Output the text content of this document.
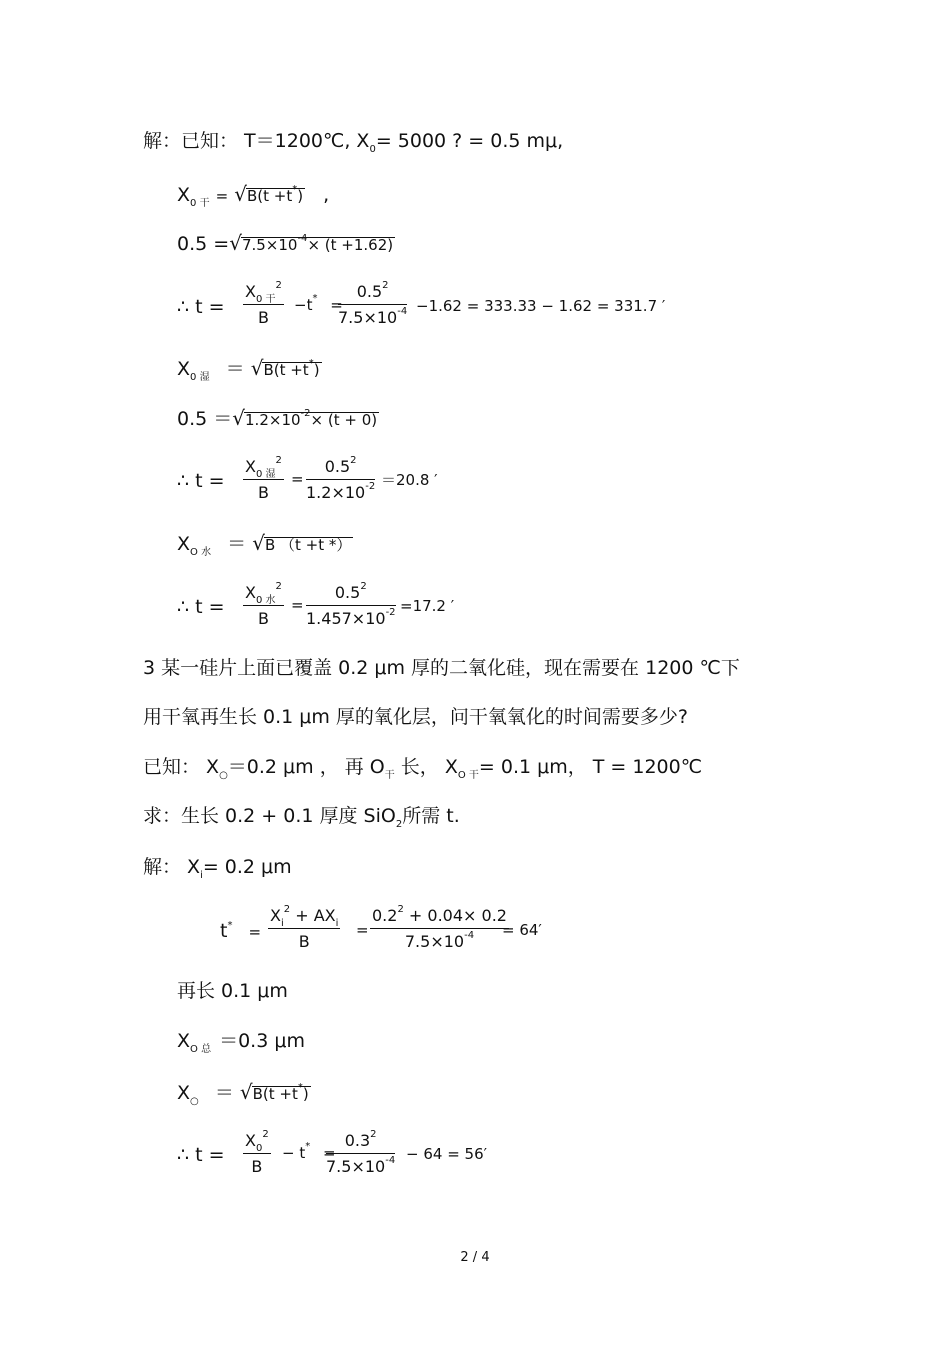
解：已知： T＝1200℃, $X_0= 5000$ ? = 0.5 mμ,
$X_{0 干} = √B(t +t^*)$ ,
$0.5 =√7.5\times 10^{-4}\times (t +1.62)$
∴ t =
$X_{0 干}^2$
B
−t* =
$\frac{0.5^2}{7.5\times 10^{-4}} -1.62 = 333.33 - 1.62 = 331.7$ ′
$X_{0 湿} = √B(t +t^*)$
$0.5 =√1.2\times 10^{-2}\times (t + 0)$
∴ t =
$X_{0 湿}^2$
B
= $\frac{0.5^2}{1.2\times 10^{-2}} =20.8$ ′
$X_{O 水} = √B$ （t +t *）
∴ t =
$X_{0 水}^2$
B
= $\frac{0.5^2}{1.457\times 10^{-2}} =17.2$ ′
3 某一硅片上面已覆盖 0.2 μm 厚的二氧化硅，现在需要在 1200 ℃下
用干氧再生长 0.1 μm 厚的氧化层，问干氧氧化的时间需要多少?
已知： $X_○=0.2$ μm ， 再 $O_干$ 长， $X_{O 干}= 0.1$ μm， T = 1200℃
求：生长 0.2 + 0.1 厚度 SiO$_2$所需 t.
解： $X_i= 0.2$ μm
t* =
$X_i^2 + AX_i$
B
= $\frac{0.2^2 + 0.04\times 0.2}{7.5\times 10^{-4}}$
= 64′
再长 0.1 μm
$X_{O 总} =0.3$ μm
$X_○ = √B(t +t^*)$
∴ $t = \frac{X_0^2}{B} - t^*$ =
$\frac{0.3^2}{7.5\times 10^{-4}} - 64 = 56'$
2 / 4
